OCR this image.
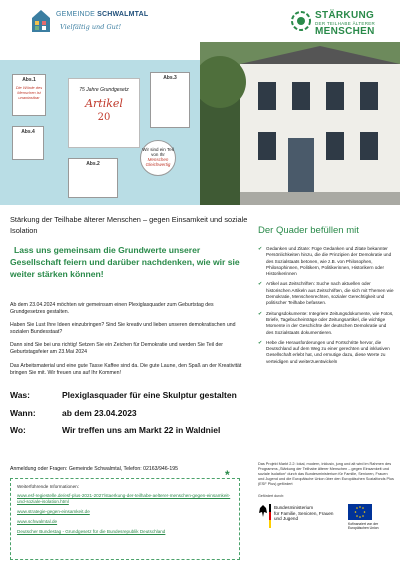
GEMEINDE SCHWALMTAL
Vielfältig und Gut!
STÄRKUNG
DER TEILHABE ÄLTERER
MENSCHEN
Abs.1
Die Würde des Menschen ist unantastbar
Abs.4
Abs.2
Abs.3
75 Jahre Grundgesetz
Artikel
20
Wir sind ein Teil von Ihr
Menschen Gleichwertig
Stärkung der Teilhabe älterer Menschen – gegen Einsamkeit und soziale Isolation	Der Quader befüllen mit
Lass uns gemeinsam die Grundwerte unserer Gesellschaft feiern und darüber nachdenken, wie wir sie weiter stärken können!
Ab dem 23.04.2024 möchten wir gemeinsam einen Plexiglasquader zum Geburtstag des Grundgesetzes gestalten.
Haben Sie Lust Ihre Ideen einzubringen? Sind Sie kreativ und lieben unseren demokratischen und sozialen Bundesstaat?
Dann sind Sie bei uns richtig! Setzen Sie ein Zeichen für Demokratie und werden Sie Teil der Geburtstagsfeier am 23.Mai 2024
Das Arbeitsmaterial und eine gute Tasse Kaffee sind da. Die gute Laune, den Spaß an der Kreativität bringen Sie mit. Wir freuen uns auf Ihr Kommen!
Was:	Plexiglasquader für eine Skulptur gestalten
Wann:	ab dem 23.04.2023
Wo:	Wir treffen uns am Markt 22 in Waldniel
Anmeldung oder Fragen: Gemeinde Schwalmtal, Telefon: 02163/946-195	*
Weiterführende Informationen:
www.esf-regiestelle.de/esf-plus-2021-2027/staerkung-der-teilhabe-aelterer-menschen-gegen-einsamkeit-und-soziale-isolation.html
www.strategie-gegen-einsamkeit.de
www.schwalmtal.de
Deutscher Bundestag - Grundgesetz für die Bundesrepublik Deutschland
✔ Gedanken und Zitate: Füge Gedanken und Zitate bekannter Persönlichkeiten hinzu, die die Prinzipien der Demokratie und des Sozialstaats betonen, wie z.B. von Philosophen, Philosophinnen, Politikern, Politikerinnen, Historikern oder Historikerinnen
✔ Artikel aus Zeitschriften: Suche nach aktuellen oder historischen Artikeln aus Zeitschriften, die sich mit Themen wie Demokratie, Menschenrechten, sozialer Gerechtigkeit und politischer Teilhabe befassen.
✔ Zeitungsdokumente: Integriere Zeitungsdokumente, wie Fotos, Briefe, Tagebucheinträge oder Zeitungsartikel, die wichtige Momente in der Geschichte der deutschen Demokratie und des Sozialstaats dokumentieren.
✔ Hebe die Herausforderungen und Fortschritte hervor, die Deutschland auf dem Weg zu einer gerechten und inklusiven Gesellschaft erlebt hat, und ermutige dazu, diese Werte zu verteidigen und weiterzuentwickeln
Das Projekt Markt 2.2: lokal, modern, inklusiv, jung und alt wird im Rahmen des Programms „Stärkung der Teilhabe älterer Menschen – gegen Einsamkeit und soziale Isolation“ durch das Bundesministerium für Familie, Senioren, Frauen und Jugend und die Europäische Union über den Europäischen Sozialfonds Plus (ESF Plus) gefördert
Gefördert durch:
Bundesministerium
für Familie, Senioren, Frauen
und Jugend
Kofinanziert von der
Europäischen Union
